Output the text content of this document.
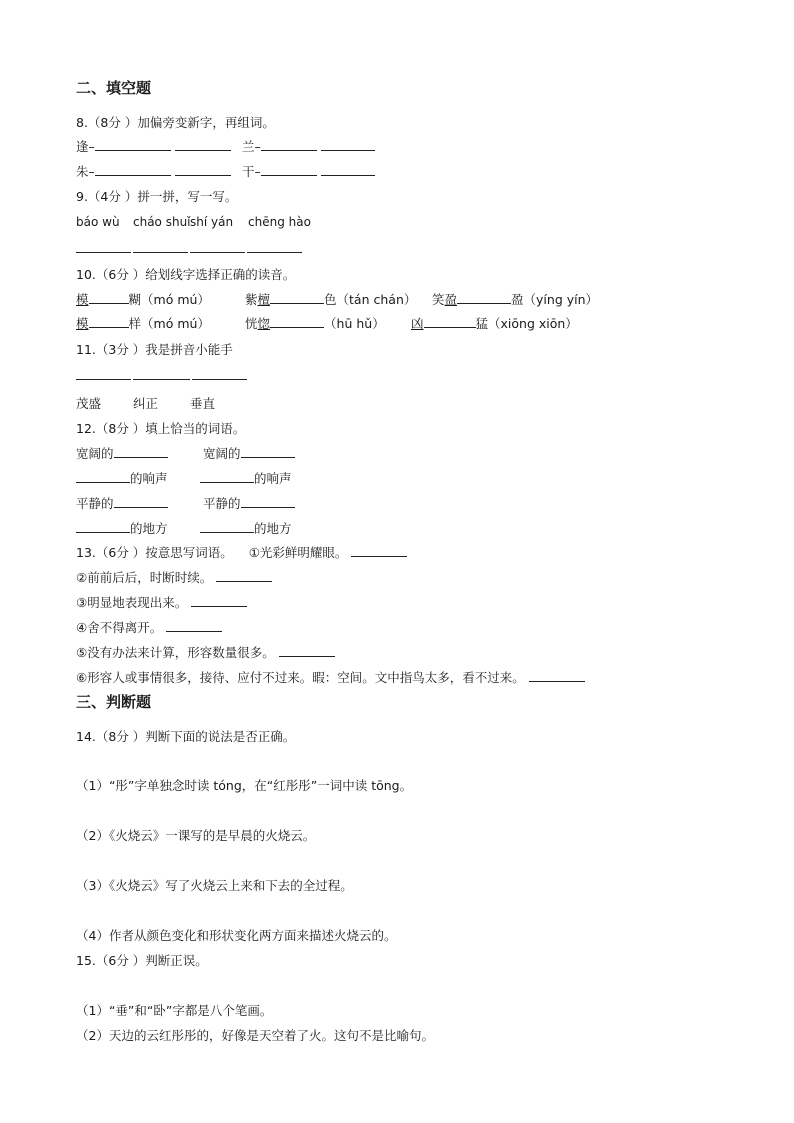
二、填空题
8.（8分 ）加偏旁变新字，再组词。
逢–	兰–
朱–	干–
9.（4分 ）拼一拼，写一写。
báo wù cháo shuǐ shí yán chēng hào
10.（6分 ）给划线字选择正确的读音。
模	糊（mó mú）	紫檀	色（tán chán） 笑盈	盈（yíng yín）
模	样（mó mú）	恍惚	（hū hǔ） 凶	猛（xiōng xiōn）
11.（3分 ）我是拼音小能手
茂盛	纠正	垂直
12.（8分 ）填上恰当的词语。
宽阔的	宽阔的
的响声	的响声
平静的	平静的
的地方	的地方
13.（6分 ）按意思写词语。 ①光彩鲜明耀眼。
②前前后后，时断时续。
③明显地表现出来。
④舍不得离开。
⑤没有办法来计算，形容数量很多。
⑥形容人或事情很多，接待、应付不过来。暇：空间。文中指鸟太多，看不过来。
三、判断题
14.（8分 ）判断下面的说法是否正确。
（1）“彤”字单独念时读 tóng，在“红彤彤”一词中读 tōng。
（2）《火烧云》一课写的是早晨的火烧云。
（3）《火烧云》写了火烧云上来和下去的全过程。
（4）作者从颜色变化和形状变化两方面来描述火烧云的。
15.（6分 ）判断正误。
（1）“垂”和“卧”字都是八个笔画。
（2）天边的云红彤彤的，好像是天空着了火。这句不是比喻句。
